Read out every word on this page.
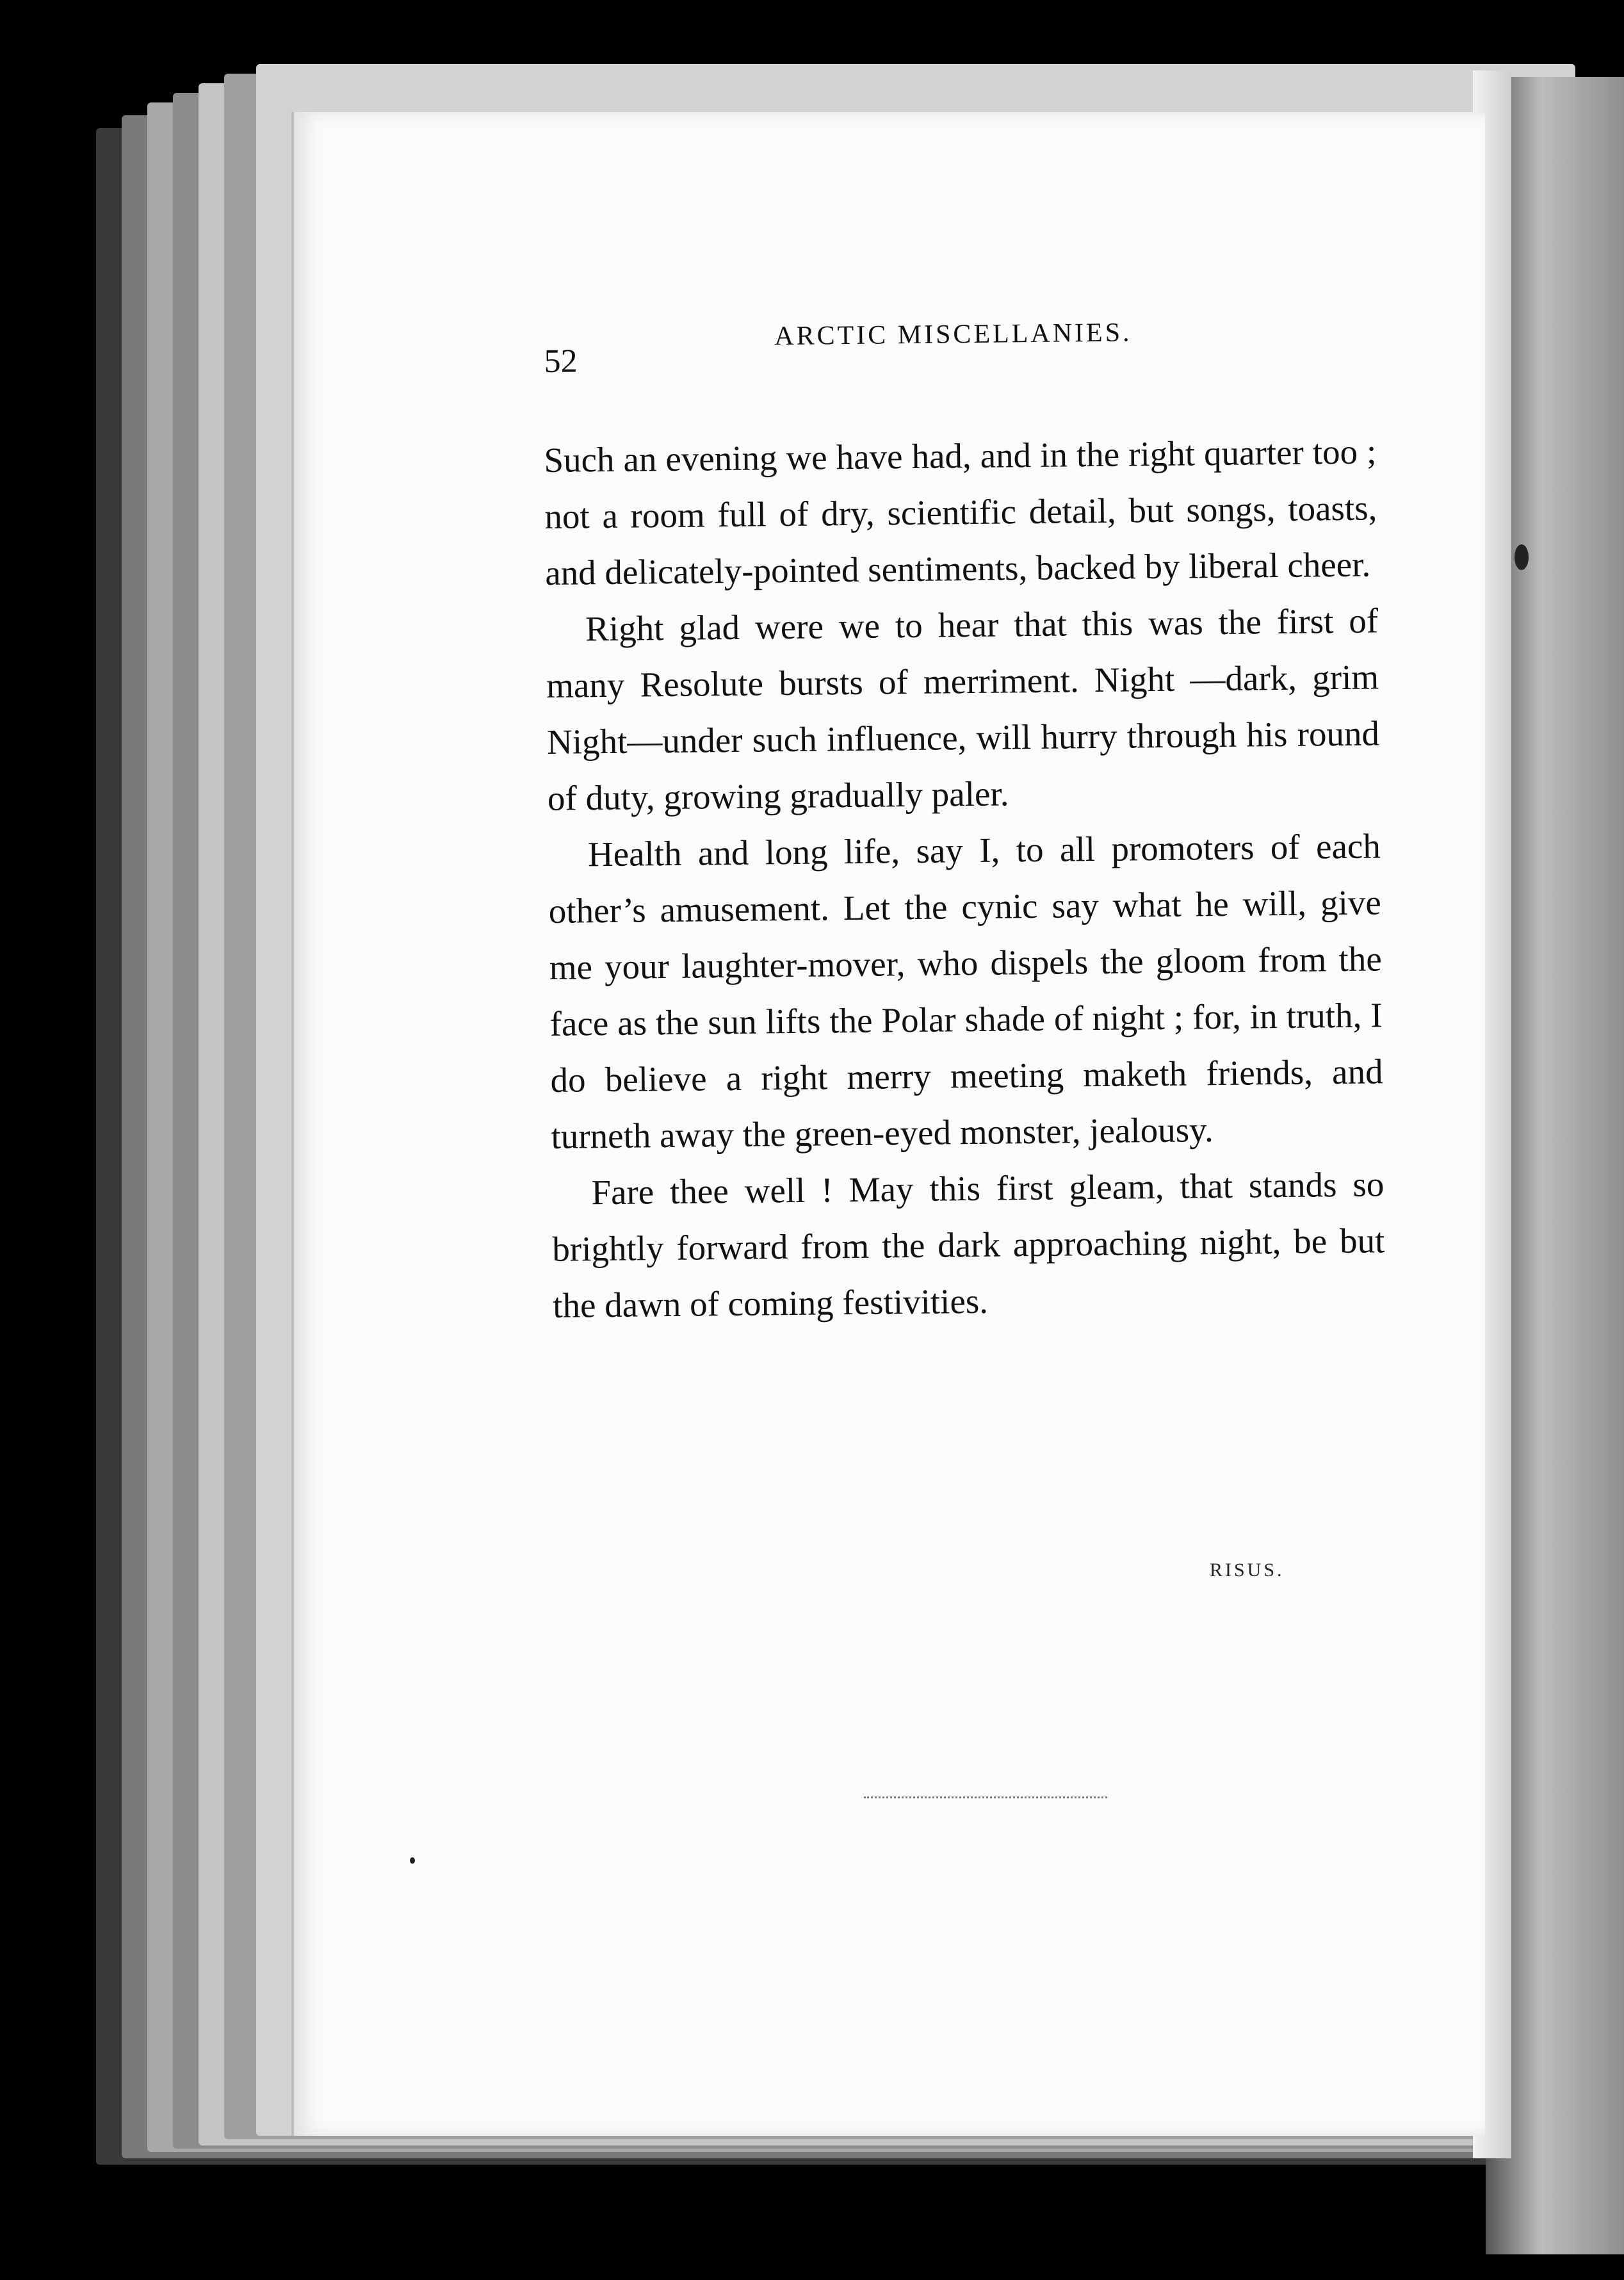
52
ARCTIC MISCELLANIES.

Such an evening we have had, and in the right quarter too ; not a room full of dry, scientific detail, but songs, toasts, and delicately-pointed sentiments, backed by liberal cheer.

Right glad were we to hear that this was the first of many Resolute bursts of merriment. Night —dark, grim Night—under such influence, will hurry through his round of duty, growing gradually paler.

Health and long life, say I, to all promoters of each other’s amusement. Let the cynic say what he will, give me your laughter-mover, who dispels the gloom from the face as the sun lifts the Polar shade of night ; for, in truth, I do believe a right merry meeting maketh friends, and turneth away the green-eyed monster, jealousy.

Fare thee well ! May this first gleam, that stands so brightly forward from the dark approaching night, be but the dawn of coming festivities.

RISUS.
